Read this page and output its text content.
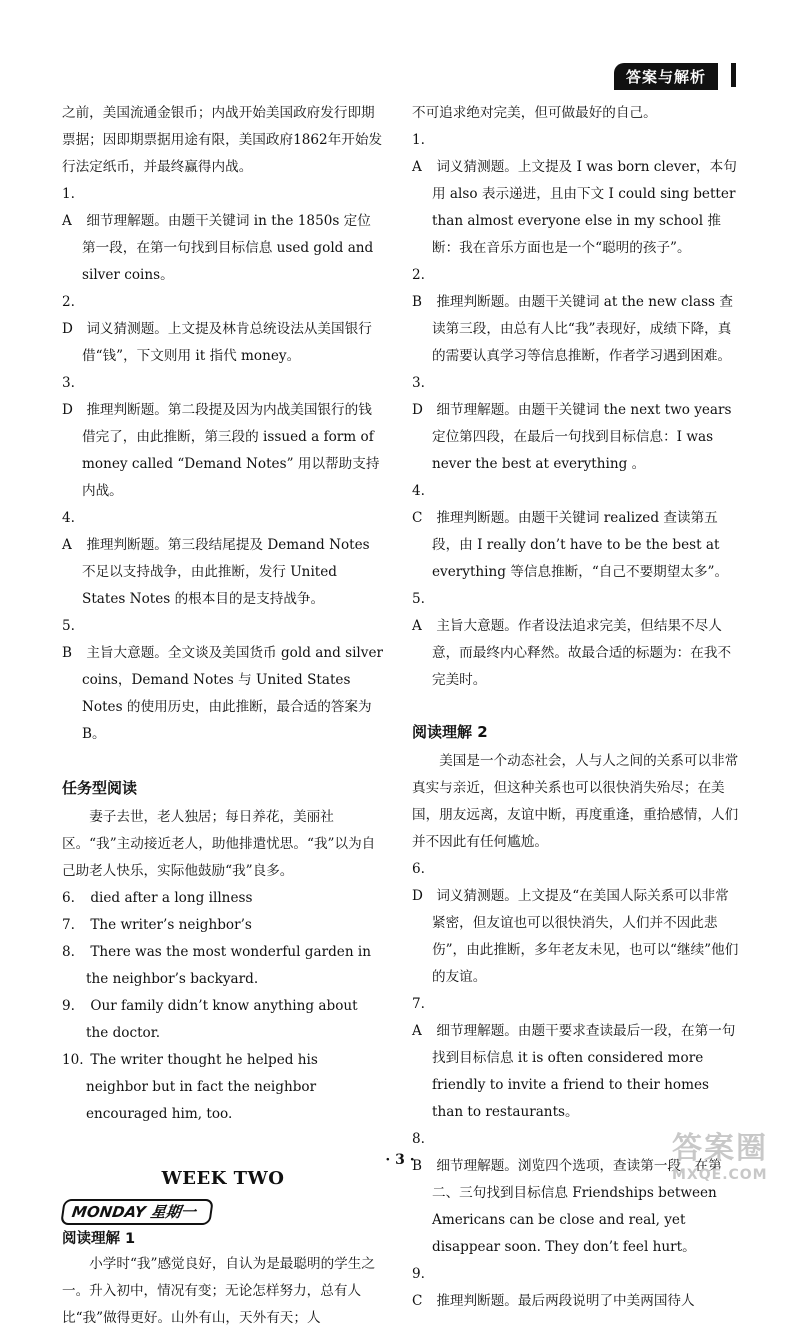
答案与解析

之前，美国流通金银币；内战开始美国政府发行即期票据；因即期票据用途有限，美国政府1862年开始发行法定纸币，并最终赢得内战。

1. A 细节理解题。由题干关键词 in the 1850s 定位第一段，在第一句找到目标信息 used gold and silver coins。

2. D 词义猜测题。上文提及林肯总统设法从美国银行借“钱”，下文则用 it 指代 money。

3. D 推理判断题。第二段提及因为内战美国银行的钱借完了，由此推断，第三段的 issued a form of money called “Demand Notes” 用以帮助支持内战。

4. A 推理判断题。第三段结尾提及 Demand Notes 不足以支持战争，由此推断，发行 United States Notes 的根本目的是支持战争。

5. B 主旨大意题。全文谈及美国货币 gold and silver coins，Demand Notes 与 United States Notes 的使用历史，由此推断，最合适的答案为 B。

任务型阅读

妻子去世，老人独居；每日养花，美丽社区。“我”主动接近老人，助他排遣忧思。“我”以为自己助老人快乐，实际他鼓励“我”良多。

6. died after a long illness

7. The writer’s neighbor’s

8. There was the most wonderful garden in the neighbor’s backyard.

9. Our family didn’t know anything about the doctor.

10. The writer thought he helped his neighbor but in fact the neighbor encouraged him, too.

WEEK TWO
MONDAY 星期一

阅读理解 1

小学时“我”感觉良好，自认为是最聪明的学生之一。升入初中，情况有变；无论怎样努力，总有人比“我”做得更好。山外有山，天外有天；人

不可追求绝对完美，但可做最好的自己。

1. A 词义猜测题。上文提及 I was born clever，本句用 also 表示递进，且由下文 I could sing better than almost everyone else in my school 推断：我在音乐方面也是一个“聪明的孩子”。

2. B 推理判断题。由题干关键词 at the new class 查读第三段，由总有人比“我”表现好，成绩下降，真的需要认真学习等信息推断，作者学习遇到困难。

3. D 细节理解题。由题干关键词 the next two years 定位第四段，在最后一句找到目标信息：I was never the best at everything 。

4. C 推理判断题。由题干关键词 realized 查读第五段，由 I really don’t have to be the best at everything 等信息推断，“自己不要期望太多”。

5. A 主旨大意题。作者设法追求完美，但结果不尽人意，而最终内心释然。故最合适的标题为：在我不完美时。

阅读理解 2

美国是一个动态社会，人与人之间的关系可以非常真实与亲近，但这种关系也可以很快消失殆尽；在美国，朋友远离，友谊中断，再度重逢，重拾感情，人们并不因此有任何尴尬。

6. D 词义猜测题。上文提及“在美国人际关系可以非常紧密，但友谊也可以很快消失，人们并不因此悲伤”，由此推断，多年老友未见，也可以“继续”他们的友谊。

7. A 细节理解题。由题干要求查读最后一段，在第一句找到目标信息 it is often considered more friendly to invite a friend to their homes than to restaurants。

8. B 细节理解题。浏览四个选项，查读第一段，在第二、三句找到目标信息 Friendships between Americans can be close and real, yet disappear soon. They don’t feel hurt。

9. C 推理判断题。最后两段说明了中美两国待人

· 3 ·	答案圈
MXQE.COM
